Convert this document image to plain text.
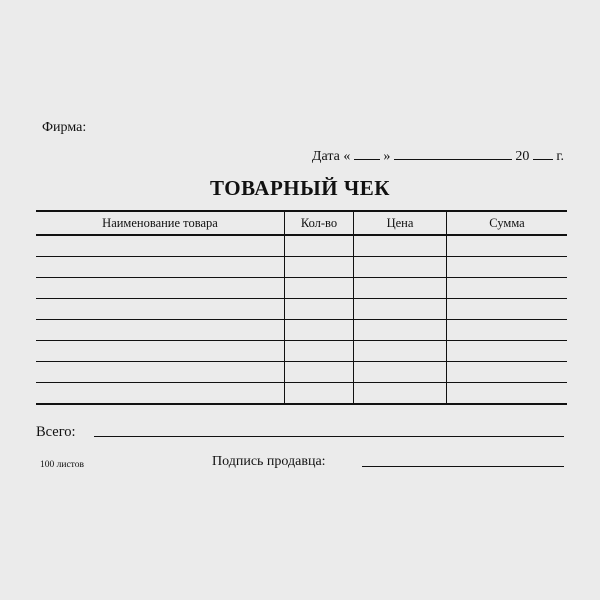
Фирма:
Дата « »	20 г.
ТОВАРНЫЙ ЧЕК
Наименование товара	Кол-во	Цена	Сумма

Всего:
Подпись продавца:
100 листов
